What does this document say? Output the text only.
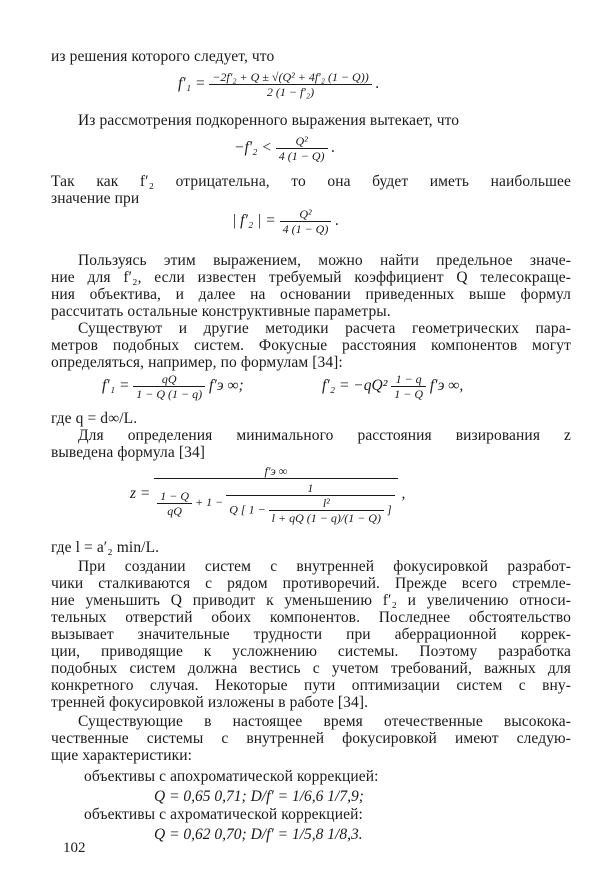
из решения которого следует, что
$f'_1 = \frac{\text{−2f′₂ + Q ± √(Q² + 4f′₂ (1 − Q))}}{\text{2 (1 − f′₂)}}$ .
Из рассмотрения подкоренного выражения вытекает, что
$-f'_2 < \frac{\text{Q²}}{4 (1 - Q)}$ .
Так как f′₂ отрицательна, то она будет иметь наибольшее
значение при
| f′₂ | = $\frac{\text{Q²}}{4 (1 - Q)}$ .
Пользуясь этим выражением, можно найти предельное значе-
ние для f′₂, если известен требуемый коэффициент Q телесокраще-
ния объектива, и далее на основании приведенных выше формул
рассчитать остальные конструктивные параметры.
Существуют и другие методики расчета геометрических пара-
метров подобных систем. Фокусные расстояния компонентов могут
определяться, например, по формулам [34]:
$f'_1 = \frac{qQ}{1 - Q (1 - q)} f'э$ ∞;	$f'_2 = -qQ^2 \frac{1 - q}{1 - Q} f'э$ ∞,
где q = d∞/L.
Для определения минимального расстояния визирования z
выведена формула [34]
z =
f′э ∞
$\frac{1 - Q}{qQ} + 1$ −
1
Q [ $1 - \frac{\text{l²}}{l + qQ (1 - q)/(1 - Q)}$ ]
,
где l = a′₂ min/L.
При создании систем с внутренней фокусировкой разработ-
чики сталкиваются с рядом противоречий. Прежде всего стремле-
ние уменьшить Q приводит к уменьшению f′₂ и увеличению относи-
тельных отверстий обоих компонентов. Последнее обстоятельство
вызывает значительные трудности при аберрационной коррек-
ции, приводящие к усложнению системы. Поэтому разработка
подобных систем должна вестись с учетом требований, важных для
конкретного случая. Некоторые пути оптимизации систем с вну-
тренней фокусировкой изложены в работе [34].
Существующие в настоящее время отечественные высокока-
чественные системы с внутренней фокусировкой имеют следую-
щие характеристики:
объективы с апохроматической коррекцией:
Q = 0,65 0,71; D/f′ = 1/6,6 1/7,9;
объективы с ахроматической коррекцией:
Q = 0,62 0,70; D/f′ = 1/5,8 1/8,3.
102
